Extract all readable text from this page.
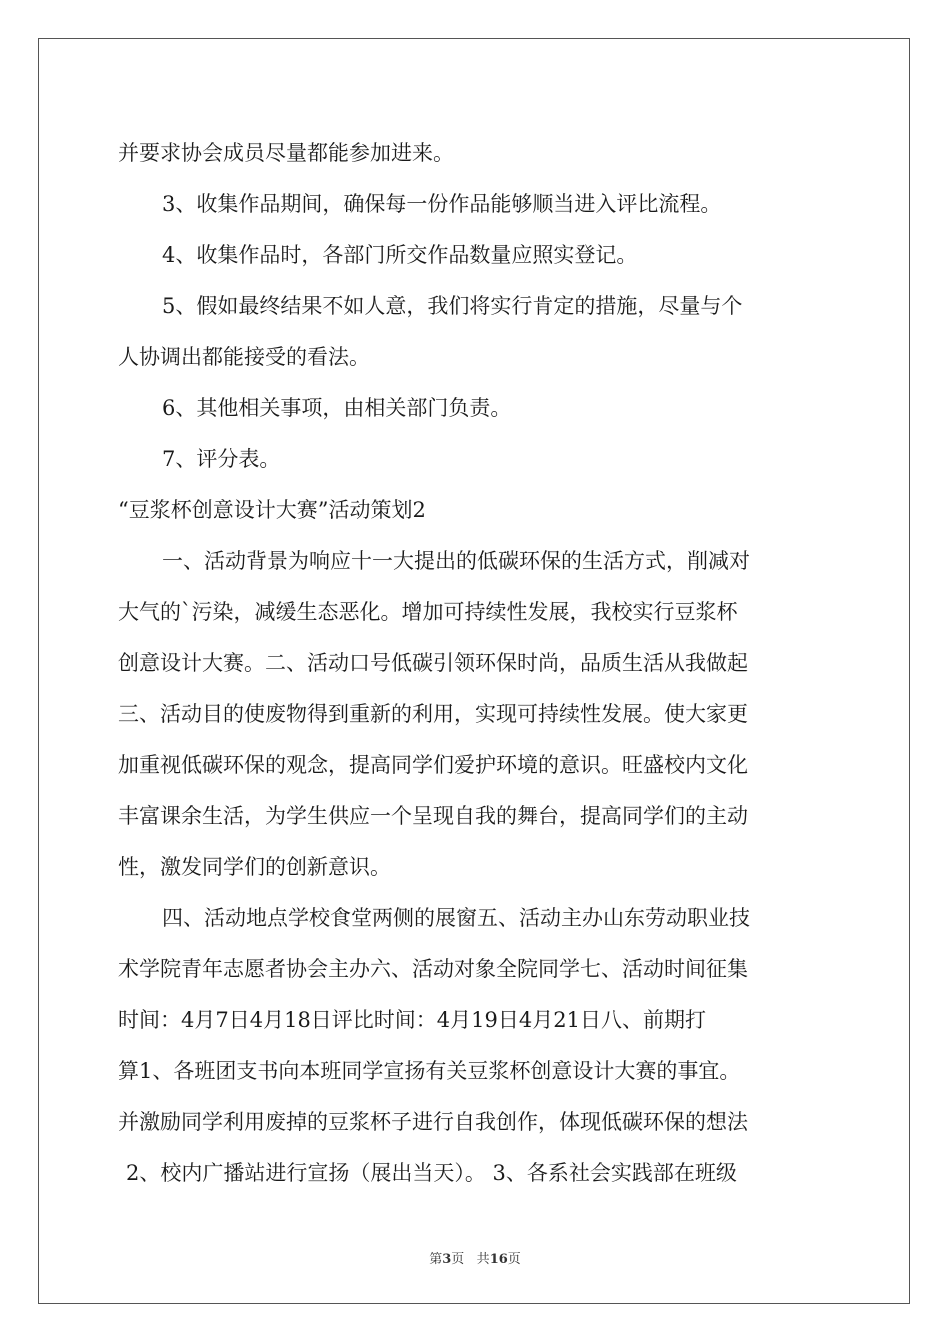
并要求协会成员尽量都能参加进来。
3、收集作品期间，确保每一份作品能够顺当进入评比流程。
4、收集作品时，各部门所交作品数量应照实登记。
5、假如最终结果不如人意，我们将实行肯定的措施，尽量与个
人协调出都能接受的看法。
6、其他相关事项，由相关部门负责。
7、评分表。
“豆浆杯创意设计大赛”活动策划2
一、活动背景为响应十一大提出的低碳环保的生活方式，削减对
大气的`污染，减缓生态恶化。增加可持续性发展，我校实行豆浆杯
创意设计大赛。二、活动口号低碳引领环保时尚，品质生活从我做起
三、活动目的使废物得到重新的利用，实现可持续性发展。使大家更
加重视低碳环保的观念，提高同学们爱护环境的意识。旺盛校内文化
丰富课余生活，为学生供应一个呈现自我的舞台，提高同学们的主动
性，激发同学们的创新意识。
四、活动地点学校食堂两侧的展窗五、活动主办山东劳动职业技
术学院青年志愿者协会主办六、活动对象全院同学七、活动时间征集
时间：4月7日4月18日评比时间：4月19日4月21日八、前期打
算1、各班团支书向本班同学宣扬有关豆浆杯创意设计大赛的事宜。
并激励同学利用废掉的豆浆杯子进行自我创作，体现低碳环保的想法
2、校内广播站进行宣扬（展出当天）。 3、各系社会实践部在班级
第3页 共16页
